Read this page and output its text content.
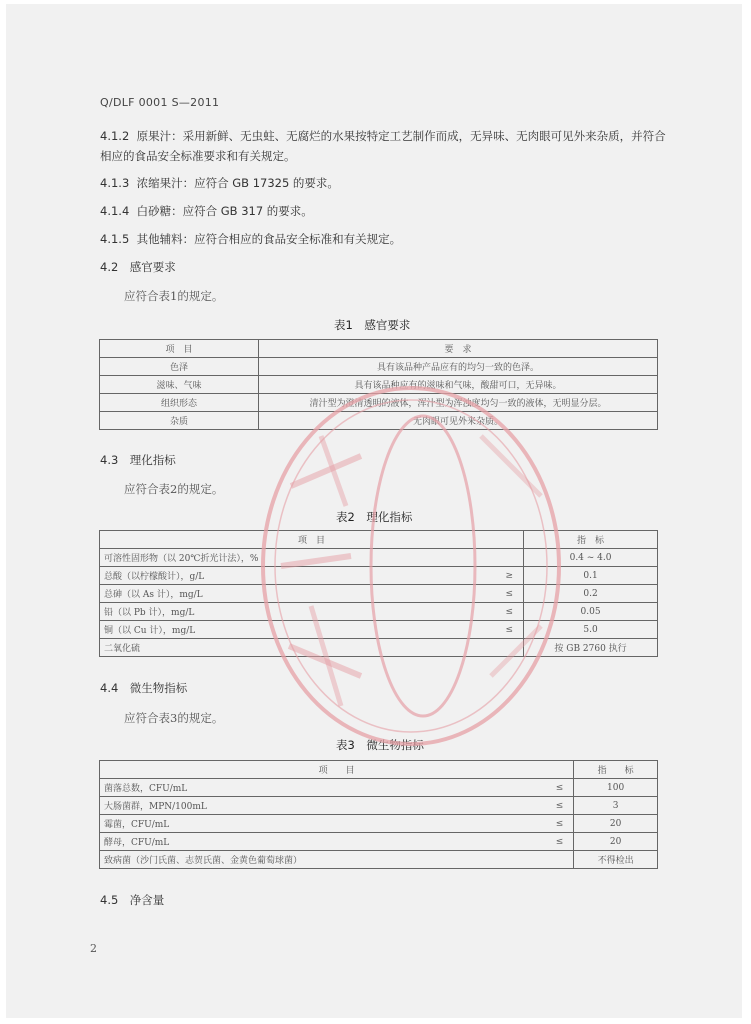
Q/DLF 0001 S—2011
4.1.2 原果汁：采用新鲜、无虫蛀、无腐烂的水果按特定工艺制作而成，无异味、无肉眼可见外来杂质，并符合相应的食品安全标准要求和有关规定。
4.1.3 浓缩果汁：应符合 GB 17325 的要求。
4.1.4 白砂糖：应符合 GB 317 的要求。
4.1.5 其他辅料：应符合相应的食品安全标准和有关规定。
4.2　感官要求
应符合表1的规定。
表1　感官要求
项　目	要　求
色泽	具有该品种产品应有的均匀一致的色泽。
滋味、气味	具有该品种应有的滋味和气味，酸甜可口，无异味。
组织形态	清汁型为澄清透明的液体，浑汁型为浑浊度均匀一致的液体，无明显分层。
杂质	无肉眼可见外来杂质。
4.3　理化指标
应符合表2的规定。
表2　理化指标
项　目		指　标
可溶性固形物（以 20℃折光计法），%		0.4 ~ 4.0
总酸（以柠檬酸计），g/L	≥	0.1
总砷（以 As 计），mg/L	≤	0.2
铅（以 Pb 计），mg/L	≤	0.05
铜（以 Cu 计），mg/L	≤	5.0
二氧化硫		按 GB 2760 执行
4.4　微生物指标
应符合表3的规定。
表3　微生物指标
项　　目		指　　标
菌落总数，CFU/mL	≤	100
大肠菌群，MPN/100mL	≤	3
霉菌，CFU/mL	≤	20
酵母，CFU/mL	≤	20
致病菌（沙门氏菌、志贺氏菌、金黄色葡萄球菌）		不得检出
4.5　净含量
2
